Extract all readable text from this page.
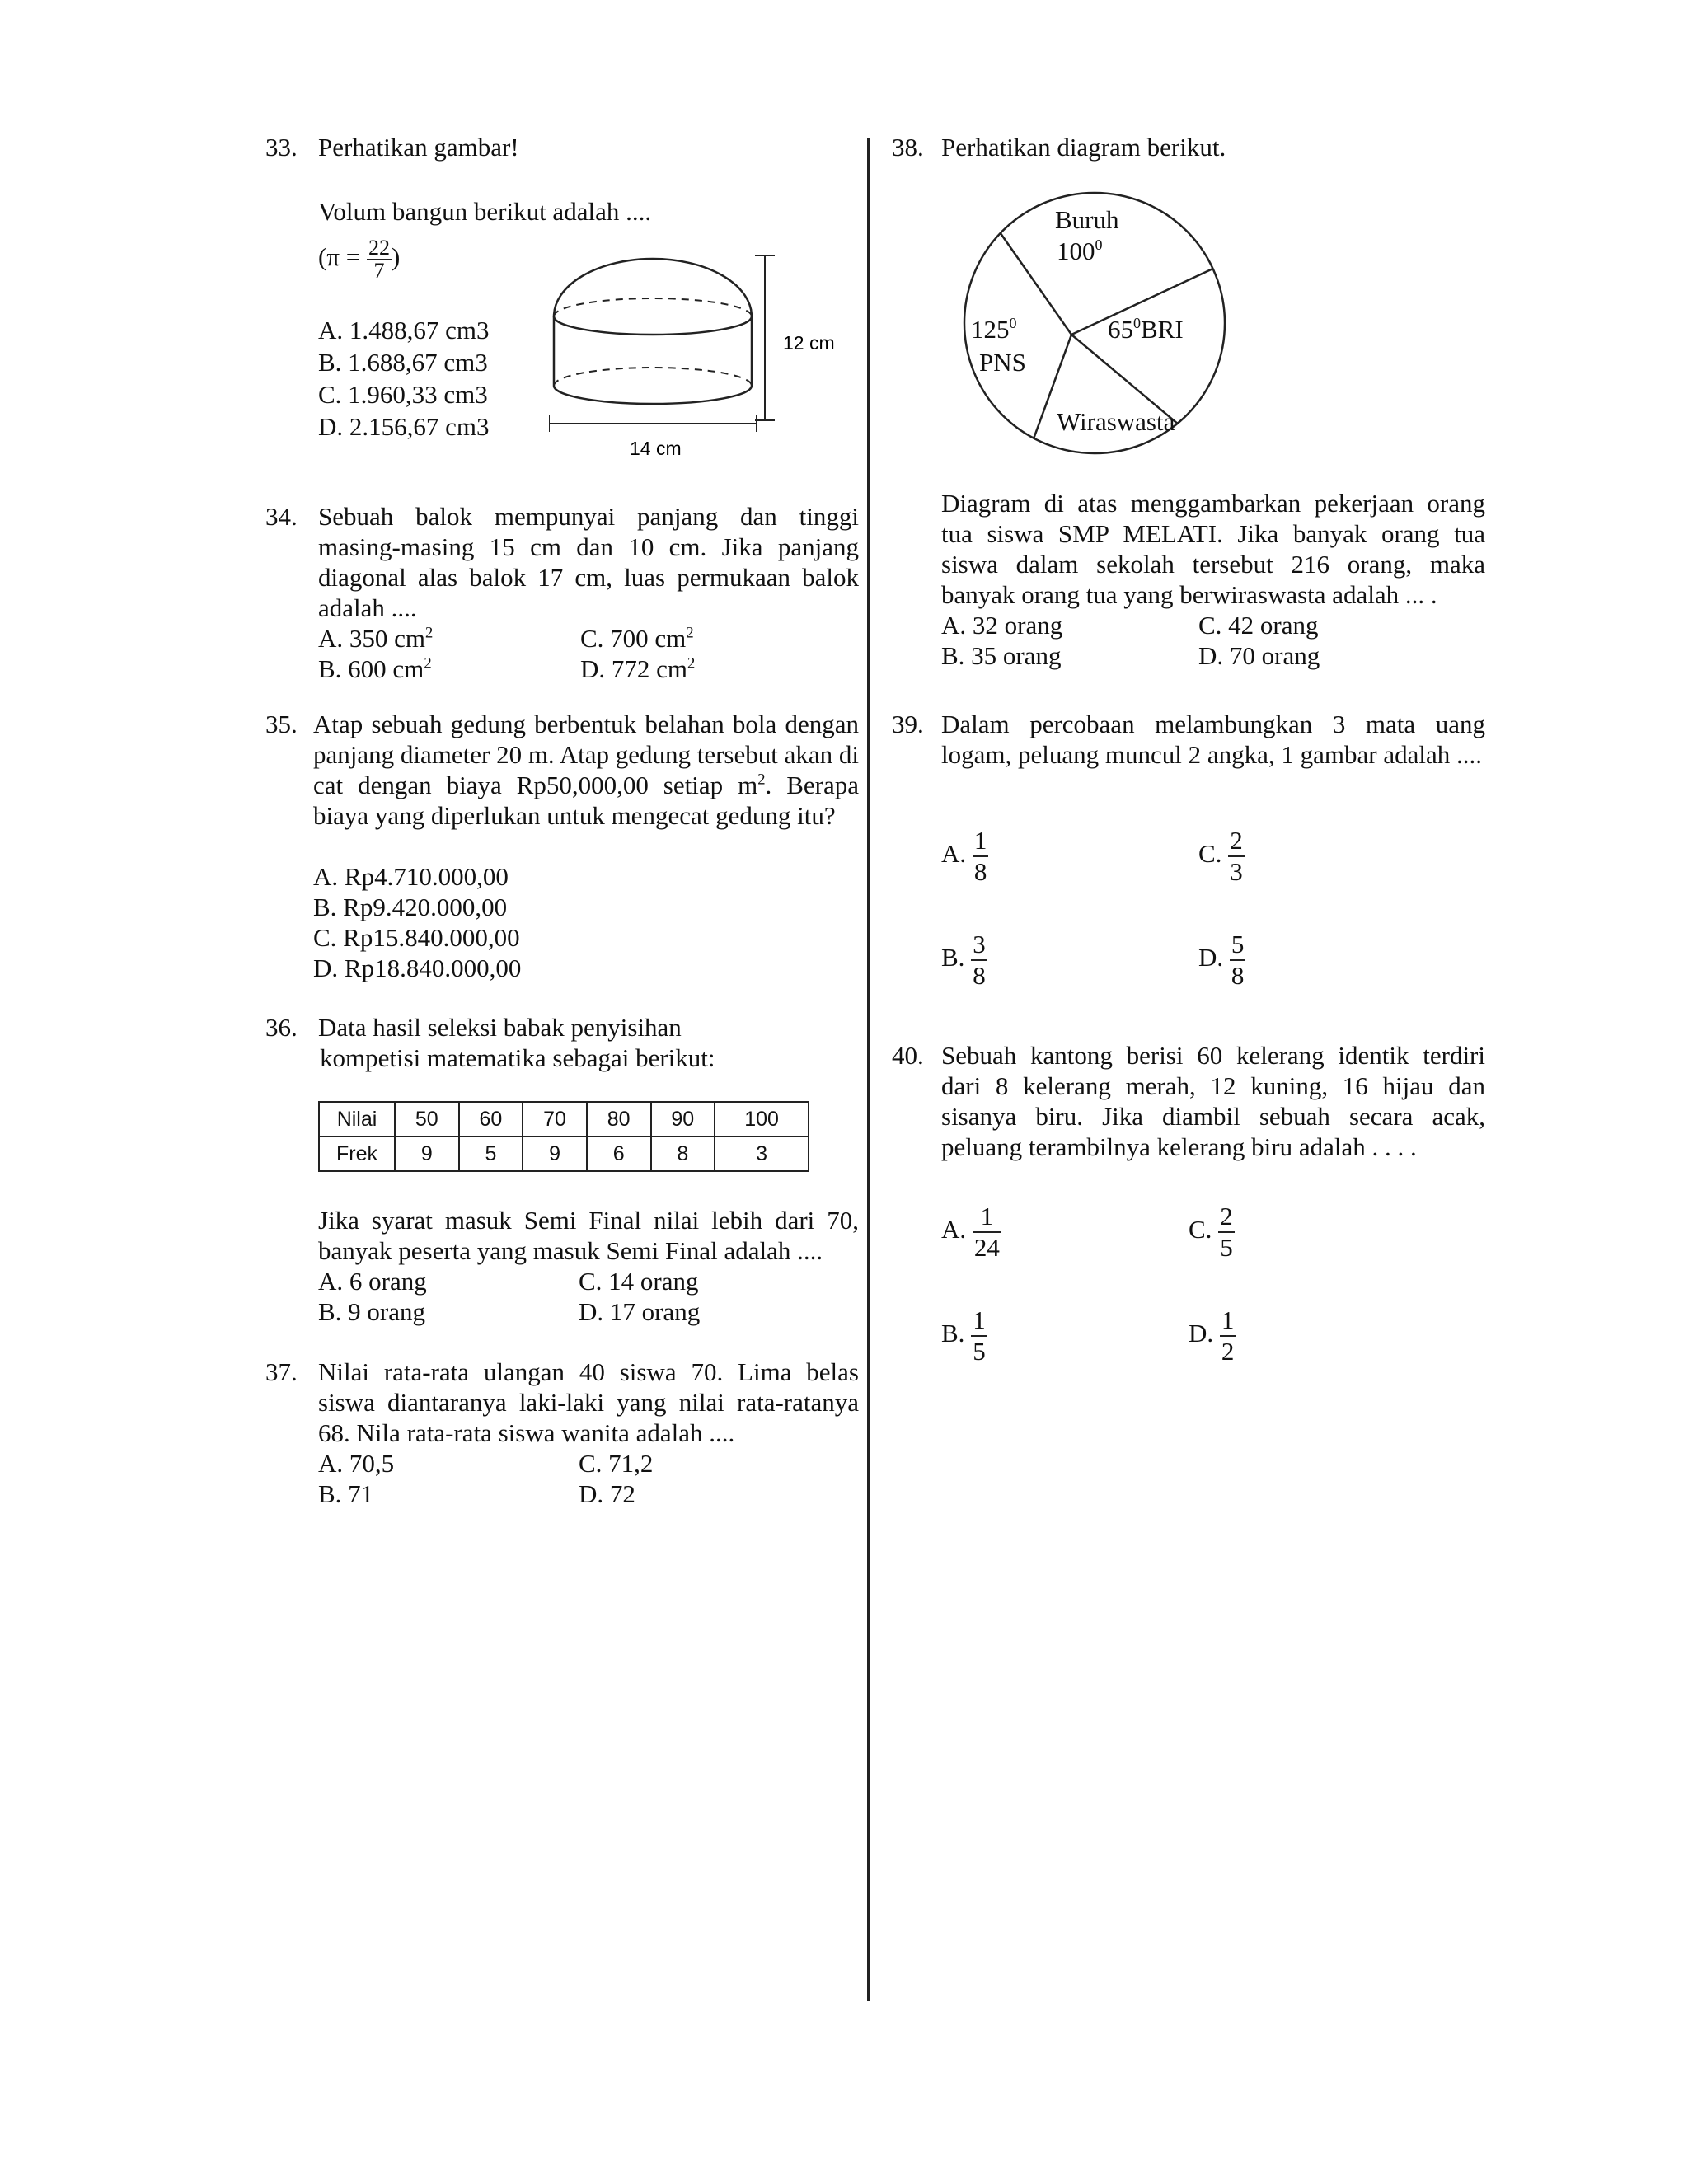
33. Perhatikan gambar!
Volum bangun berikut adalah ....
($\pi = \frac{22}{7}$ )
A. 1.488,67 cm3
B. 1.688,67 cm3
C. 1.960,33 cm3
D. 2.156,67 cm3
12 cm
14 cm
34. Sebuah balok mempunyai panjang dan tinggi masing-masing 15 cm dan 10 cm. Jika panjang diagonal alas balok 17 cm, luas permukaan balok adalah ....
A. 350 $cm^2$	C. 700 $cm^2$
B. 600 $cm^2$	D. 772 $cm^2$
35. Atap sebuah gedung berbentuk belahan bola dengan panjang diameter 20 m. Atap gedung tersebut akan di cat dengan biaya Rp50,000,00 setiap $m^2$. Berapa biaya yang diperlukan untuk mengecat gedung itu?
A. Rp4.710.000,00
B. Rp9.420.000,00
C. Rp15.840.000,00
D. Rp18.840.000,00
36. Data hasil seleksi babak penyisihan
kompetisi matematika sebagai berikut:
Nilai	50	60	70	80	90	100
Frek	9	5	9	6	8	3
Jika syarat masuk Semi Final nilai lebih dari 70, banyak peserta yang masuk Semi Final adalah ....
A. 6 orang	C. 14 orang
B. 9 orang	D. 17 orang
37. Nilai rata-rata ulangan 40 siswa 70. Lima belas siswa diantaranya laki-laki yang nilai rata-ratanya 68. Nila rata-rata siswa wanita adalah ....
A. 70,5	C. 71,2
B. 71	D. 72
38. Perhatikan diagram berikut.
Buruh
$100^0$
$65^0BRI$
Wiraswasta
$125^0$
PNS
Diagram di atas menggambarkan pekerjaan orang tua siswa SMP MELATI. Jika banyak orang tua siswa dalam sekolah tersebut 216 orang, maka banyak orang tua yang berwiraswasta adalah ... .
A. 32 orang	C. 42 orang
B. 35 orang	D. 70 orang
39. Dalam percobaan melambungkan 3 mata uang logam, peluang muncul 2 angka, 1 gambar adalah ....
A. $\frac{1}{8}$	C. $\frac{2}{3}$
B. $\frac{3}{8}$	D. $\frac{5}{8}$
40. Sebuah kantong berisi 60 kelerang identik terdiri dari 8 kelerang merah, 12 kuning, 16 hijau dan sisanya biru. Jika diambil sebuah secara acak, peluang terambilnya kelerang biru adalah . . . .
A. $\frac{1}{24}$	C. $\frac{2}{5}$
B. $\frac{1}{5}$	D. $\frac{1}{2}$
